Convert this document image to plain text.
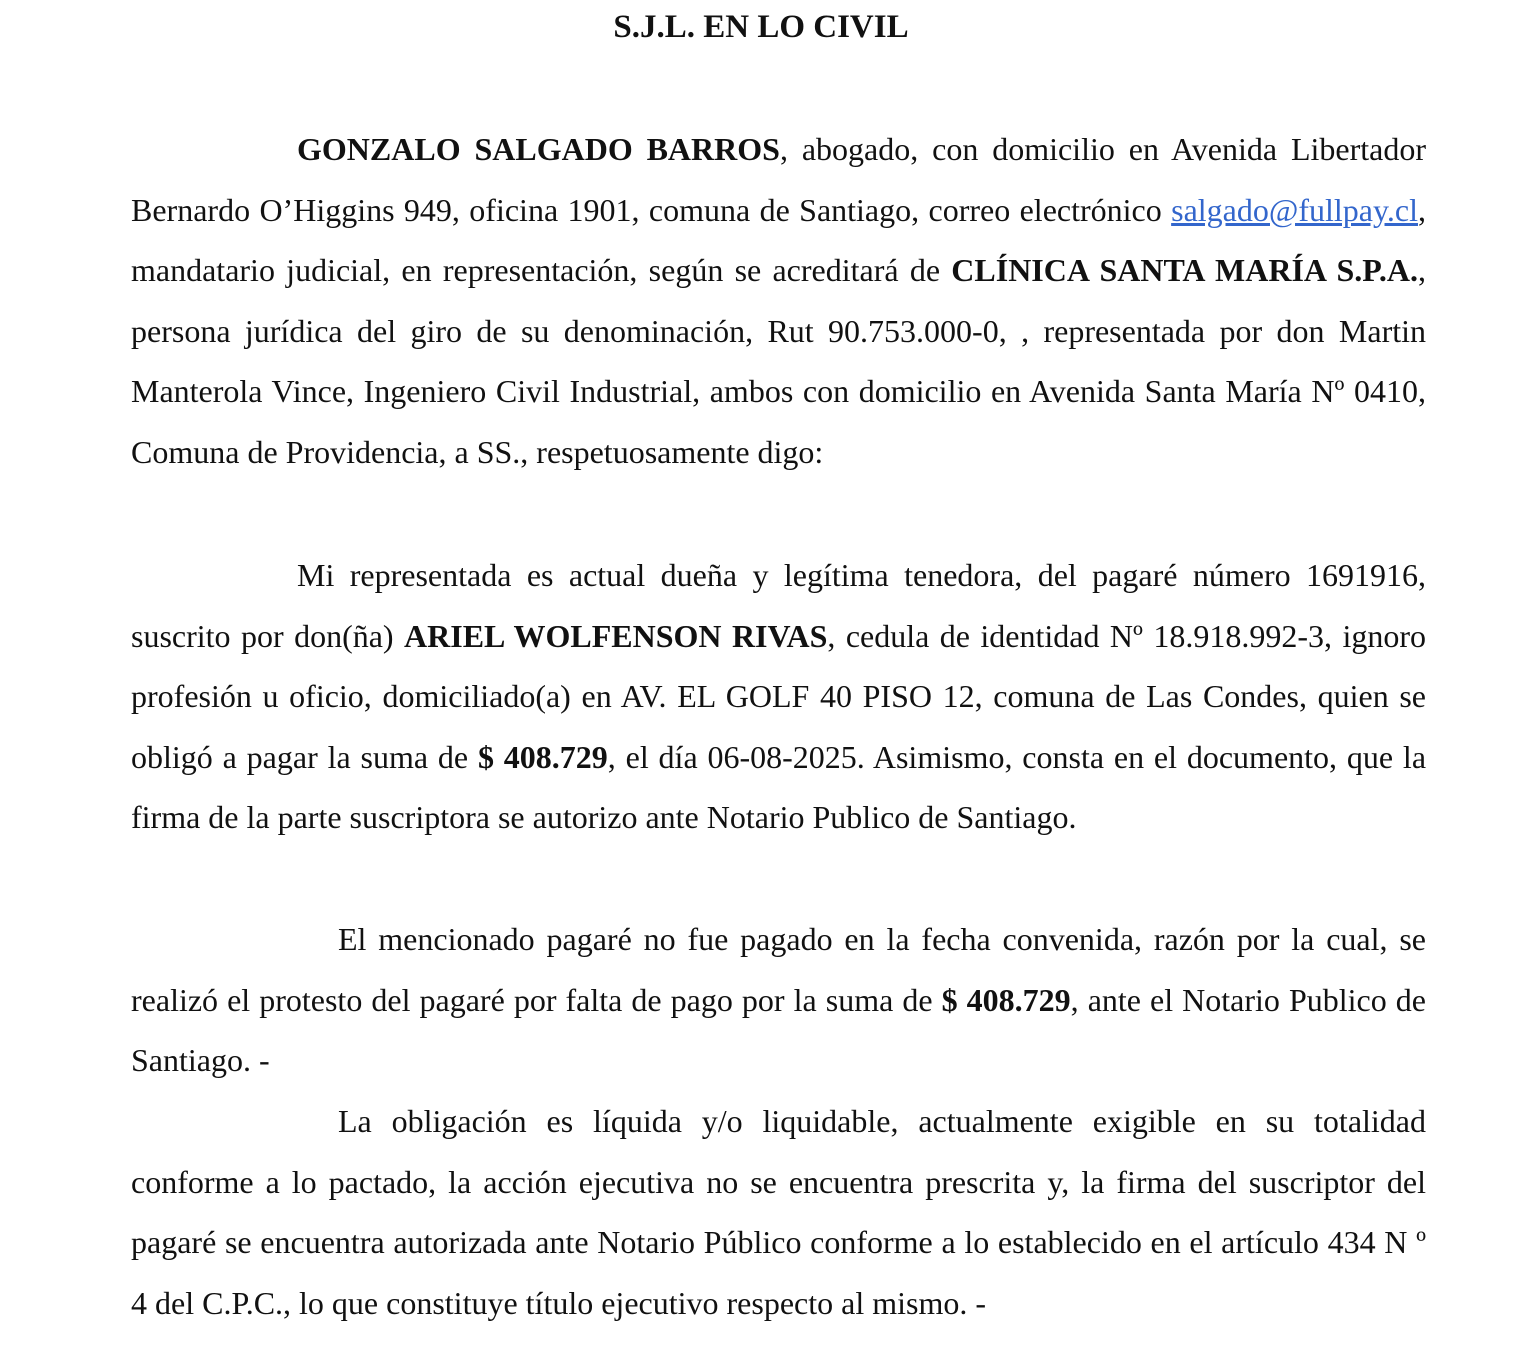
S.J.L. EN LO CIVIL

GONZALO SALGADO BARROS, abogado, con domicilio en Avenida Libertador Bernardo O’Higgins 949, oficina 1901, comuna de Santiago, correo electrónico salgado@fullpay.cl, mandatario judicial, en representación, según se acreditará de CLÍNICA SANTA MARÍA S.P.A., persona jurídica del giro de su denominación, Rut 90.753.000-0, , representada por don Martin Manterola Vince, Ingeniero Civil Industrial, ambos con domicilio en Avenida Santa María Nº 0410, Comuna de Providencia, a SS., respetuosamente digo:

Mi representada es actual dueña y legítima tenedora, del pagaré número 1691916, suscrito por don(ña) ARIEL WOLFENSON RIVAS, cedula de identidad Nº 18.918.992-3, ignoro profesión u oficio, domiciliado(a) en AV. EL GOLF 40 PISO 12, comuna de Las Condes, quien se obligó a pagar la suma de $ 408.729, el día 06-08-2025. Asimismo, consta en el documento, que la firma de la parte suscriptora se autorizo ante Notario Publico de Santiago.

El mencionado pagaré no fue pagado en la fecha convenida, razón por la cual, se realizó el protesto del pagaré por falta de pago por la suma de $ 408.729, ante el Notario Publico de Santiago. -

La obligación es líquida y/o liquidable, actualmente exigible en su totalidad conforme a lo pactado, la acción ejecutiva no se encuentra prescrita y, la firma del suscriptor del pagaré se encuentra autorizada ante Notario Público conforme a lo establecido en el artículo 434 N º 4 del C.P.C., lo que constituye título ejecutivo respecto al mismo. -
